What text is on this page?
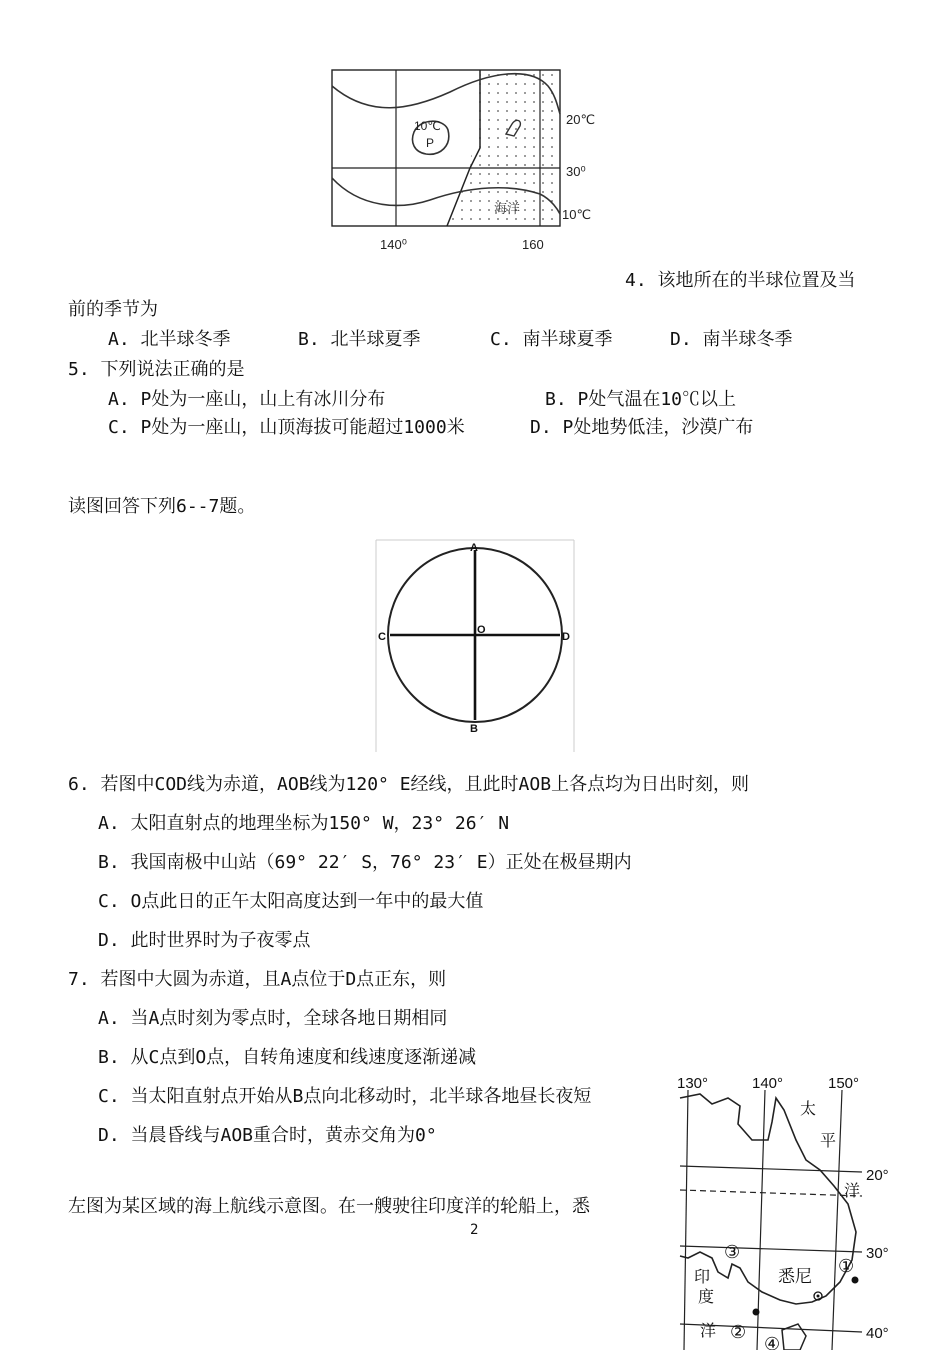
10℃
P
海洋
20℃
30⁰
10℃
140⁰	160
4. 该地所在的半球位置及当
前的季节为
A. 北半球冬季	B. 北半球夏季	C. 南半球夏季	D. 南半球冬季
5. 下列说法正确的是
A. P处为一座山，山上有冰川分布	B. P处气温在10℃以上
C. P处为一座山，山顶海拔可能超过1000米	D. P处地势低洼，沙漠广布
读图回答下列6--7题。
A
B
C	D
O
6. 若图中COD线为赤道，AOB线为120° E经线，且此时AOB上各点均为日出时刻，则
A. 太阳直射点的地理坐标为150° W，23° 26′ N
B. 我国南极中山站（69° 22′ S，76° 23′ E）正处在极昼期内
C. O点此日的正午太阳高度达到一年中的最大值
D. 此时世界时为子夜零点
7. 若图中大圆为赤道，且A点位于D点正东，则
A. 当A点时刻为零点时，全球各地日期相同
B. 从C点到O点，自转角速度和线速度逐渐递减
C. 当太阳直射点开始从B点向北移动时，北半球各地昼长夜短
D. 当晨昏线与AOB重合时，黄赤交角为0°
左图为某区域的海上航线示意图。在一艘驶往印度洋的轮船上，悉
2
130°	140°	150°
20°
30°
40°
太
平
洋
印
度
洋
悉尼
①
②
③
④
